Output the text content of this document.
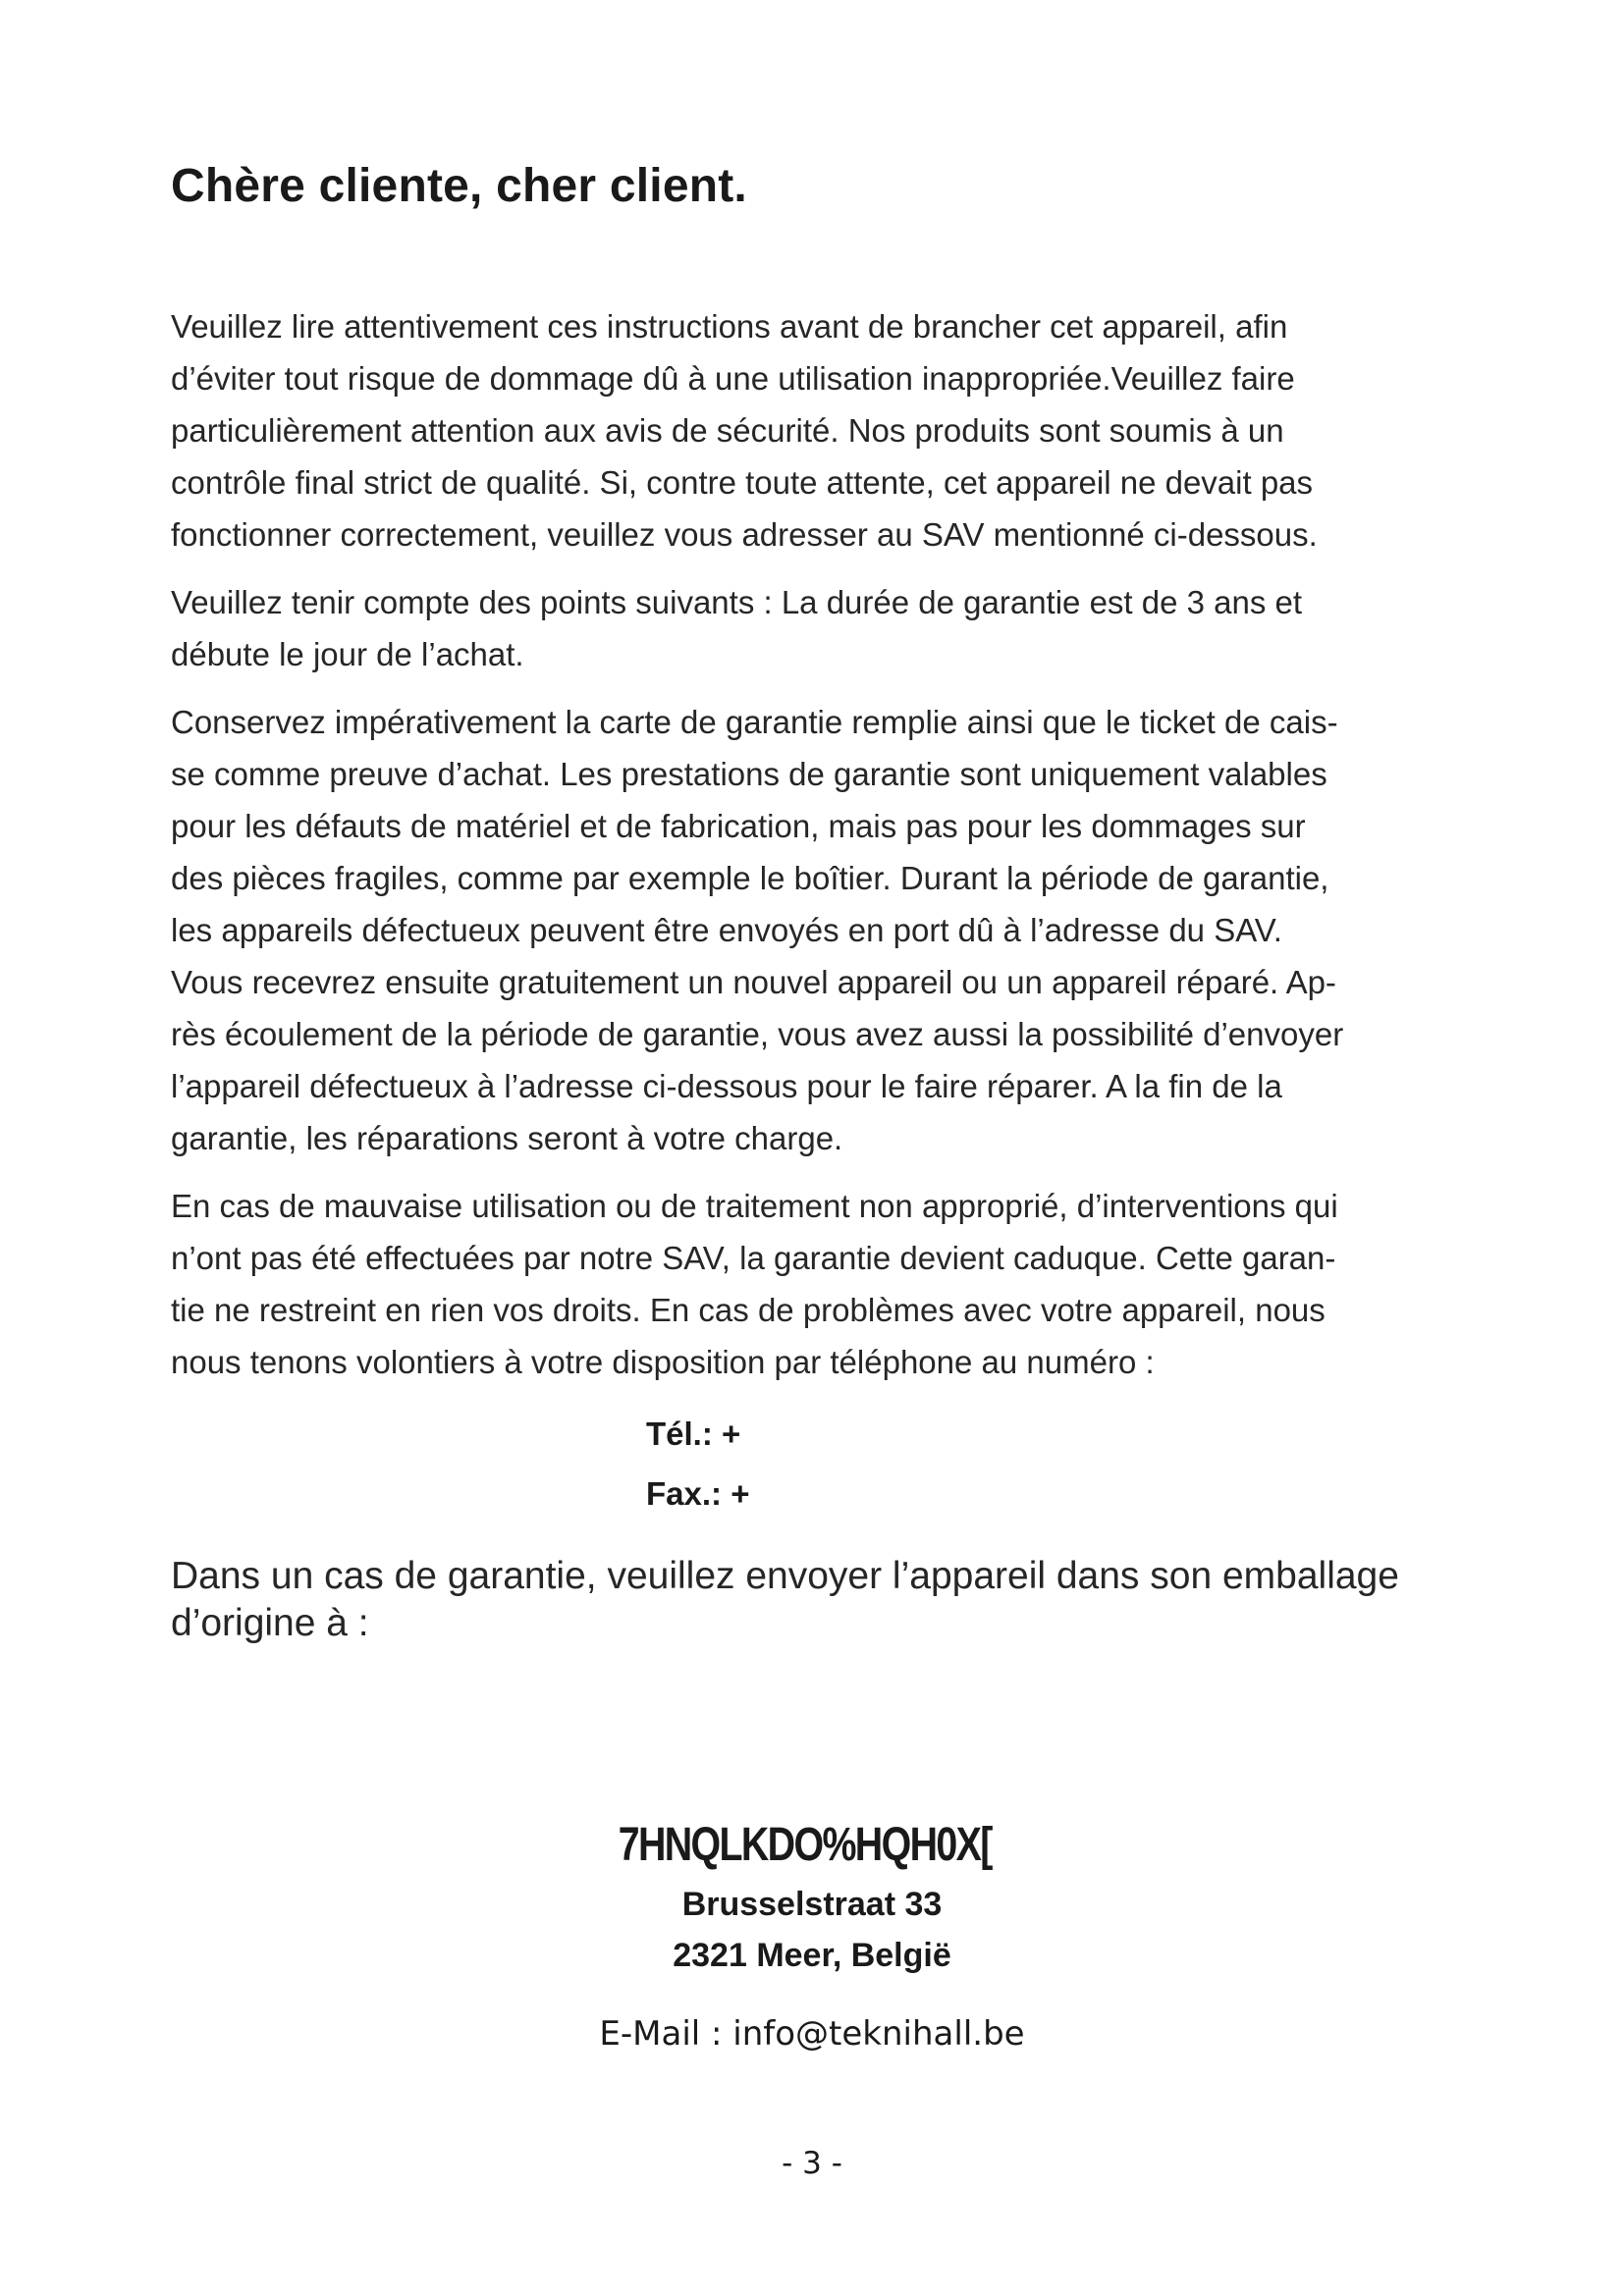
Chère cliente, cher client.

Veuillez lire attentivement ces instructions avant de brancher cet appareil, afin
d’éviter tout risque de dommage dû à une utilisation inappropriée.Veuillez faire
particulièrement attention aux avis de sécurité. Nos produits sont soumis à un
contrôle final strict de qualité. Si, contre toute attente, cet appareil ne devait pas
fonctionner correctement, veuillez vous adresser au SAV mentionné ci-dessous.

Veuillez tenir compte des points suivants : La durée de garantie est de 3 ans et
débute le jour de l’achat.

Conservez impérativement la carte de garantie remplie ainsi que le ticket de cais-
se comme preuve d’achat. Les prestations de garantie sont uniquement valables
pour les défauts de matériel et de fabrication, mais pas pour les dommages sur
des pièces fragiles, comme par exemple le boîtier. Durant la période de garantie,
les appareils défectueux peuvent être envoyés en port dû à l’adresse du SAV.
Vous recevrez ensuite gratuitement un nouvel appareil ou un appareil réparé. Ap-
rès écoulement de la période de garantie, vous avez aussi la possibilité d’envoyer
l’appareil défectueux à l’adresse ci-dessous pour le faire réparer. A la fin de la
garantie, les réparations seront à votre charge.

En cas de mauvaise utilisation ou de traitement non approprié, d’interventions qui
n’ont pas été effectuées par notre SAV, la garantie devient caduque. Cette garan-
tie ne restreint en rien vos droits. En cas de problèmes avec votre appareil, nous
nous tenons volontiers à votre disposition par téléphone au numéro :

Tél.: +
Fax.: +

Dans un cas de garantie, veuillez envoyer l’appareil dans son emballage d’origine à :

7HNQLKDO%HQH0X[
Brusselstraat 33
2321 Meer, België
E-Mail : info@teknihall.be
- 3 -
